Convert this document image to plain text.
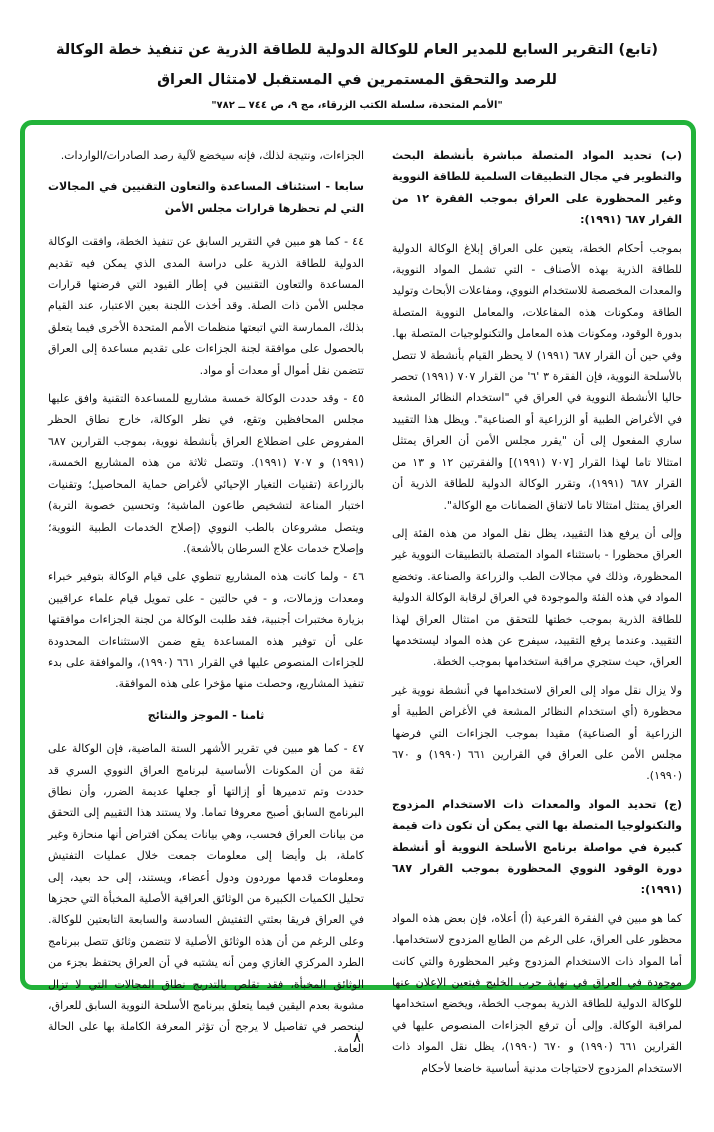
(تابع) التقرير السابع للمدير العام للوكالة الدولية للطاقة الذرية عن تنفيذ خطة الوكالة
للرصد والتحقق المستمرين في المستقبل لامتثال العراق
"الأمم المتحدة، سلسلة الكتب الزرقاء، مج ٩، ص ٧٤٤ ــ ٧٨٢"

(ب) تحديد المواد المتصلة مباشرة بأنشطة البحث والتطوير في مجال التطبيقات السلمية للطاقة النووية وغير المحظورة على العراق بموجب الفقرة ١٢ من القرار ٦٨٧ (١٩٩١):

بموجب أحكام الخطة، يتعين على العراق إبلاغ الوكالة الدولية للطاقة الذرية بهذه الأصناف - التي تشمل المواد النووية، والمعدات المخصصة للاستخدام النووي، ومفاعلات الأبحاث وتوليد الطاقة ومكونات هذه المفاعلات، والمعامل النووية المتصلة بدورة الوقود، ومكونات هذه المعامل والتكنولوجيات المتصلة بها. وفي حين أن القرار ٦٨٧ (١٩٩١) لا يحظر القيام بأنشطة لا تتصل بالأسلحة النووية، فإن الفقرة ٣ '٦' من القرار ٧٠٧ (١٩٩١) تحصر حاليا الأنشطة النووية في العراق في "استخدام النظائر المشعة في الأغراض الطبية أو الزراعية أو الصناعية". ويظل هذا التقييد ساري المفعول إلى أن "يقرر مجلس الأمن أن العراق يمتثل امتثالا تاما لهذا القرار [٧٠٧ (١٩٩١)] والفقرتين ١٢ و ١٣ من القرار ٦٨٧ (١٩٩١)، وتقرر الوكالة الدولية للطاقة الذرية أن العراق يمتثل امتثالا تاما لاتفاق الضمانات مع الوكالة".

وإلى أن يرفع هذا التقييد، يظل نقل المواد من هذه الفئة إلى العراق محظورا - باستثناء المواد المتصلة بالتطبيقات النووية غير المحظورة، وذلك في مجالات الطب والزراعة والصناعة. وتخضع المواد في هذه الفئة والموجودة في العراق لرقابة الوكالة الدولية للطاقة الذرية بموجب خطتها للتحقق من امتثال العراق لهذا التقييد. وعندما يرفع التقييد، سيفرج عن هذه المواد ليستخدمها العراق، حيث ستجري مراقبة استخدامها بموجب الخطة.

ولا يزال نقل مواد إلى العراق لاستخدامها في أنشطة نووية غير محظورة (أي استخدام النظائر المشعة في الأغراض الطبية أو الزراعية أو الصناعية) مقيدا بموجب الجزاءات التي فرضها مجلس الأمن على العراق في القرارين ٦٦١ (١٩٩٠) و ٦٧٠ (١٩٩٠).

(ج) تحديد المواد والمعدات ذات الاستخدام المزدوج والتكنولوجيا المتصلة بها التي يمكن أن تكون ذات قيمة كبيرة في مواصلة برنامج الأسلحة النووية أو أنشطة دورة الوقود النووي المحظورة بموجب القرار ٦٨٧ (١٩٩١):

كما هو مبين في الفقرة الفرعية (أ) أعلاه، فإن بعض هذه المواد محظور على العراق، على الرغم من الطابع المزدوج لاستخدامها. أما المواد ذات الاستخدام المزدوج وغير المحظورة والتي كانت موجودة في العراق في نهاية حرب الخليج فيتعين الإعلان عنها للوكالة الدولية للطاقة الذرية بموجب الخطة، ويخضع استخدامها لمراقبة الوكالة. وإلى أن ترفع الجزاءات المنصوص عليها في القرارين ٦٦١ (١٩٩٠) و ٦٧٠ (١٩٩٠)، يظل نقل المواد ذات الاستخدام المزدوج لاحتياجات مدنية أساسية خاضعا لأحكام

الجزاءات، ونتيجة لذلك، فإنه سيخضع لآلية رصد الصادرات/الواردات.

سابعا - استئناف المساعدة والتعاون التقنيين في المجالات التي لم تحظرها قرارات مجلس الأمن

٤٤ - كما هو مبين في التقرير السابق عن تنفيذ الخطة، وافقت الوكالة الدولية للطاقة الذرية على دراسة المدى الذي يمكن فيه تقديم المساعدة والتعاون التقنيين في إطار القيود التي فرضتها قرارات مجلس الأمن ذات الصلة. وقد أخذت اللجنة بعين الاعتبار، عند القيام بذلك، الممارسة التي اتبعتها منظمات الأمم المتحدة الأخرى فيما يتعلق بالحصول على موافقة لجنة الجزاءات على تقديم مساعدة إلى العراق تتضمن نقل أموال أو معدات أو مواد.

٤٥ - وقد حددت الوكالة خمسة مشاريع للمساعدة التقنية وافق عليها مجلس المحافظين وتقع، في نظر الوكالة، خارج نطاق الحظر المفروض على اضطلاع العراق بأنشطة نووية، بموجب القرارين ٦٨٧ (١٩٩١) و ٧٠٧ (١٩٩١). وتتصل ثلاثة من هذه المشاريع الخمسة، بالزراعة (تقنيات التغيار الإحيائي لأغراض حماية المحاصيل؛ وتقنيات اختبار المناعة لتشخيص طاعون الماشية؛ وتحسين خصوبة التربة) ويتصل مشروعان بالطب النووي (إصلاح الخدمات الطبية النووية؛ وإصلاح خدمات علاج السرطان بالأشعة).

٤٦ - ولما كانت هذه المشاريع تنطوي على قيام الوكالة بتوفير خبراء ومعدات وزمالات، و - في حالتين - على تمويل قيام علماء عراقيين بزيارة مختبرات أجنبية، فقد طلبت الوكالة من لجنة الجزاءات موافقتها على أن توفير هذه المساعدة يقع ضمن الاستثناءات المحدودة للجزاءات المنصوص عليها في القرار ٦٦١ (١٩٩٠)، والموافقة على بدء تنفيذ المشاريع، وحصلت منها مؤخرا على هذه الموافقة.

ثامنا - الموجز والنتائج

٤٧ - كما هو مبين في تقرير الأشهر الستة الماضية، فإن الوكالة على ثقة من أن المكونات الأساسية لبرنامج العراق النووي السري قد حددت وتم تدميرها أو إزالتها أو جعلها عديمة الضرر، وأن نطاق البرنامج السابق أصبح معروفا تماما. ولا يستند هذا التقييم إلى التحقق من بيانات العراق فحسب، وهي بيانات يمكن افتراض أنها منحازة وغير كاملة، بل وأيضا إلى معلومات جمعت خلال عمليات التفتيش ومعلومات قدمها موردون ودول أعضاء، ويستند، إلى حد بعيد، إلى تحليل الكميات الكبيرة من الوثائق العراقية الأصلية المخبأة التي حجزها في العراق فريقا بعثتي التفتيش السادسة والسابعة التابعتين للوكالة. وعلى الرغم من أن هذه الوثائق الأصلية لا تتضمن وثائق تتصل ببرنامج الطرد المركزي الغازي ومن أنه يشتبه في أن العراق يحتفظ بجزء من الوثائق المخبأة، فقد تقلص بالتدريج نطاق المجالات التي لا تزال مشوبة بعدم اليقين فيما يتعلق ببرنامج الأسلحة النووية السابق للعراق، لينحصر في تفاصيل لا يرجح أن تؤثر المعرفة الكاملة بها على الحالة العامة.

٨
